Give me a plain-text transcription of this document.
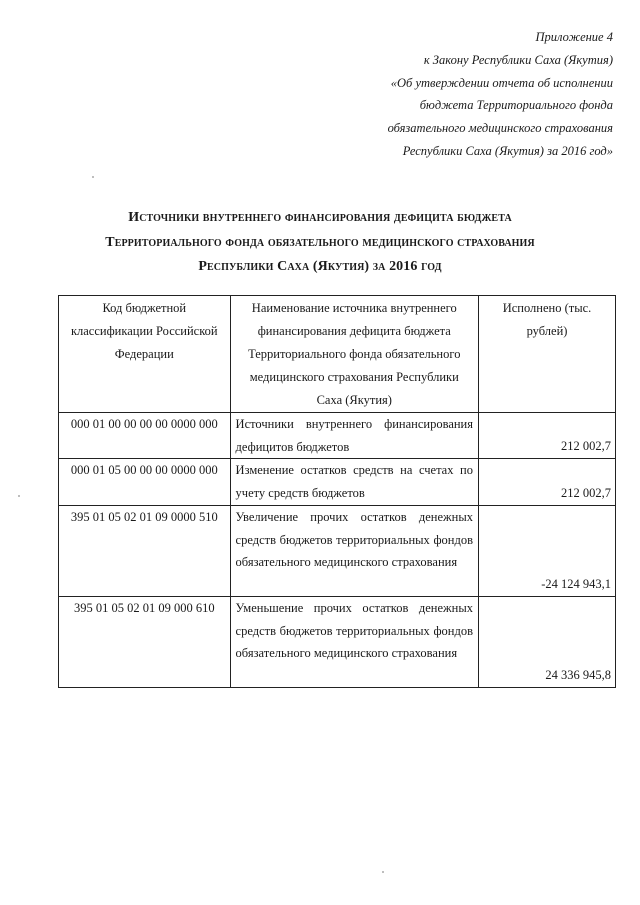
Приложение 4
к Закону Республики Саха (Якутия)
«Об утверждении отчета об исполнении
бюджета Территориального фонда
обязательного медицинского страхования
Республики Саха (Якутия) за 2016 год»
Источники внутреннего финансирования дефицита бюджета
Территориального фонда обязательного медицинского страхования
Республики Саха (Якутия) за 2016 год
Код бюджетной классификации Российской Федерации	Наименование источника внутреннего финансирования дефицита бюджета Территориального фонда обязательного медицинского страхования Республики Саха (Якутия)	Исполнено (тыс. рублей)

000 01 00 00 00 00 0000 000	Источники внутреннего финансирования дефицитов бюджетов	212 002,7
000 01 05 00 00 00 0000 000	Изменение остатков средств на счетах по учету средств бюджетов	212 002,7
395 01 05 02 01 09 0000 510	Увеличение прочих остатков денежных средств бюджетов территориальных фондов обязательного медицинского страхования	-24 124 943,1
395 01 05 02 01 09 000 610	Уменьшение прочих остатков денежных средств бюджетов территориальных фондов обязательного медицинского страхования	24 336 945,8
